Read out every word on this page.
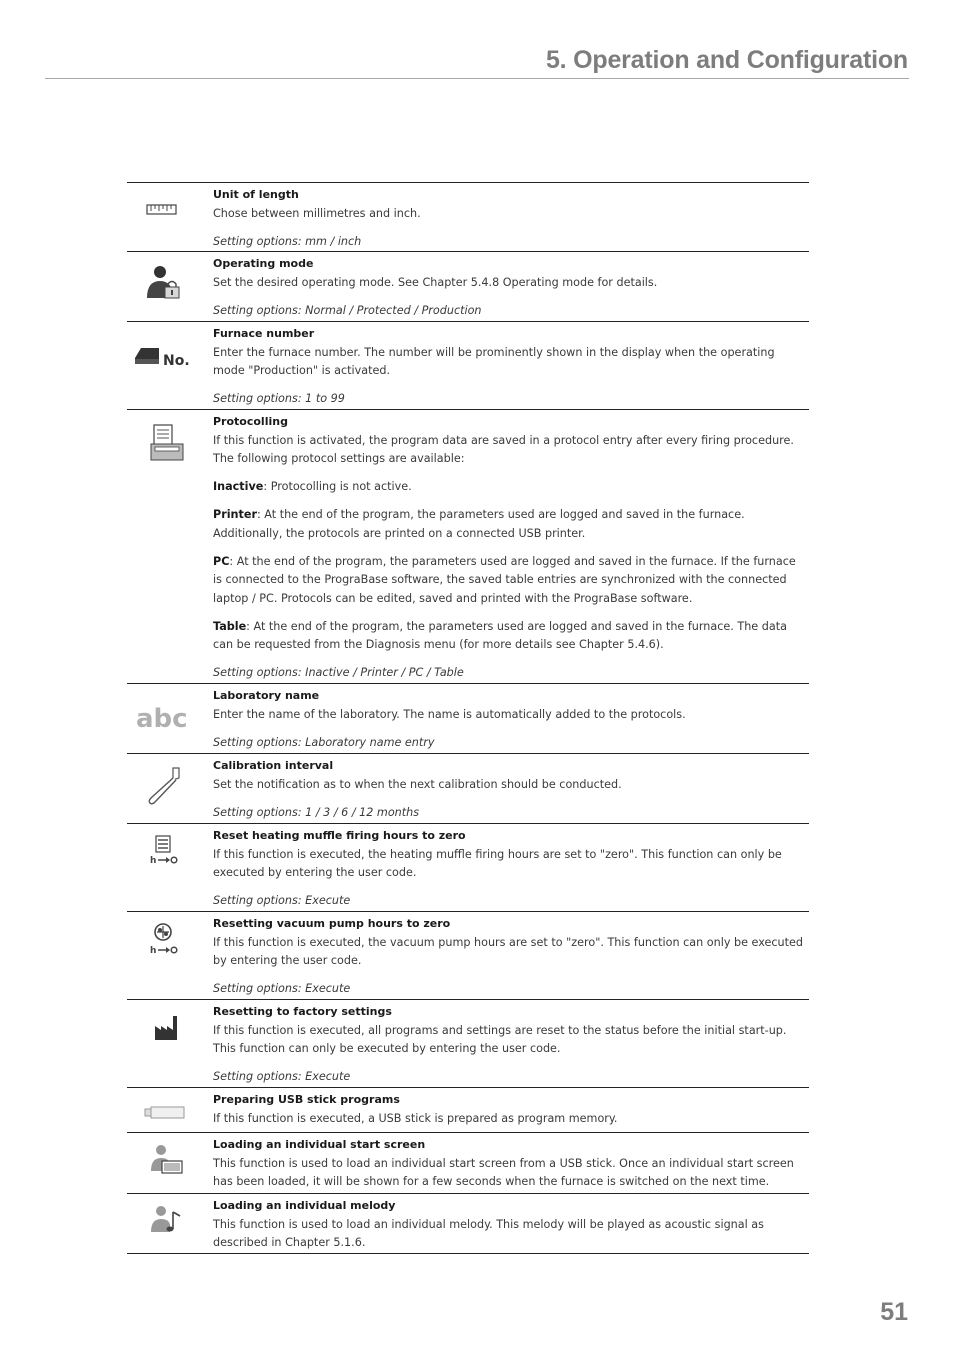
5. Operation and Configuration

Unit of length

Chose between millimetres and inch.

Setting options: mm / inch

Operating mode

Set the desired operating mode. See Chapter 5.4.8 Operating mode for details.

Setting options: Normal / Protected / Production

No.

Furnace number

Enter the furnace number. The number will be prominently shown in the display when the operating mode "Production" is activated.

Setting options: 1 to 99

Protocolling

If this function is activated, the program data are saved in a protocol entry after every firing procedure. The following protocol settings are available:

Inactive: Protocolling is not active.

Printer: At the end of the program, the parameters used are logged and saved in the furnace. Additionally, the protocols are printed on a connected USB printer.

PC: At the end of the program, the parameters used are logged and saved in the furnace. If the furnace is connected to the PrograBase software, the saved table entries are synchronized with the connected laptop / PC. Protocols can be edited, saved and printed with the PrograBase software.

Table: At the end of the program, the parameters used are logged and saved in the furnace. The data can be requested from the Diagnosis menu (for more details see Chapter 5.4.6).

Setting options: Inactive / Printer / PC / Table

abc

Laboratory name

Enter the name of the laboratory. The name is automatically added to the protocols.

Setting options: Laboratory name entry

Calibration interval

Set the notification as to when the next calibration should be conducted.

Setting options: 1 / 3 / 6 / 12 months

h

Reset heating muffle firing hours to zero

If this function is executed, the heating muffle firing hours are set to "zero". This function can only be executed by entering the user code.

Setting options: Execute

h

Resetting vacuum pump hours to zero

If this function is executed, the vacuum pump hours are set to "zero". This function can only be executed by entering the user code.

Setting options: Execute

Resetting to factory settings

If this function is executed, all programs and settings are reset to the status before the initial start-up. This function can only be executed by entering the user code.

Setting options: Execute

Preparing USB stick programs

If this function is executed, a USB stick is prepared as program memory.

Loading an individual start screen

This function is used to load an individual start screen from a USB stick. Once an individual start screen has been loaded, it will be shown for a few seconds when the furnace is switched on the next time.

Loading an individual melody

This function is used to load an individual melody. This melody will be played as acoustic signal as described in Chapter 5.1.6.

51
